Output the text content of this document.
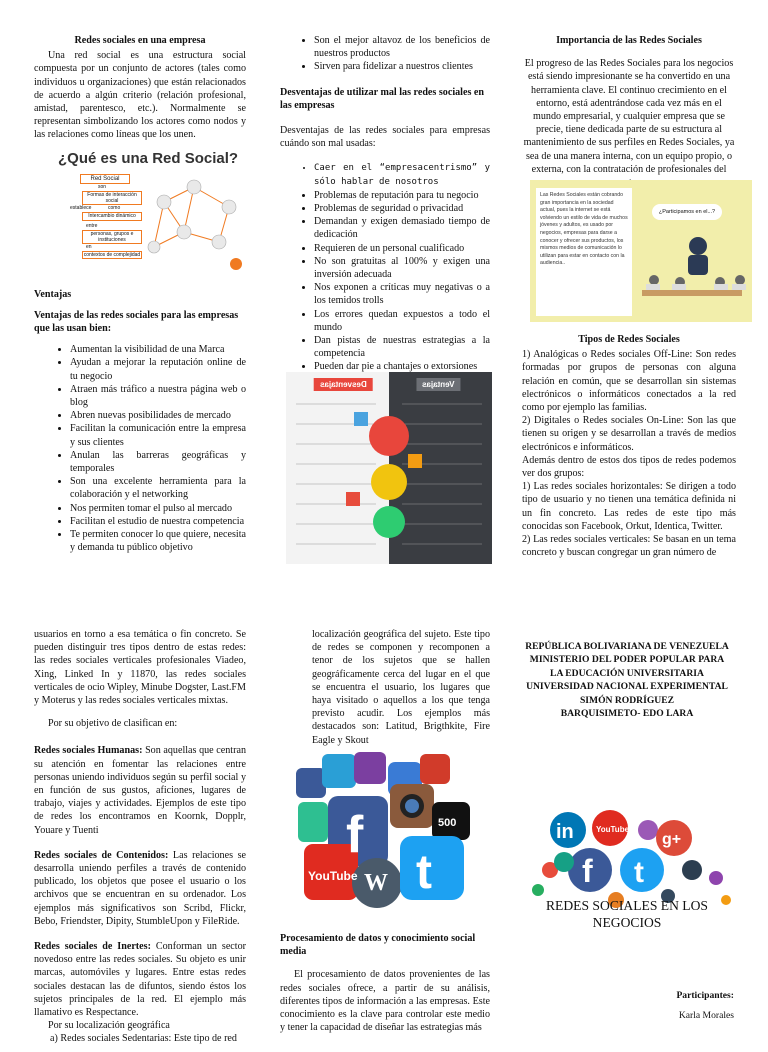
Redes sociales en una empresa

Una red social es una estructura social compuesta por un conjunto de actores (tales como individuos u organizaciones) que están relacionados de acuerdo a algún criterio (relación profesional, amistad, parentesco, etc.). Normalmente se representan simbolizando los actores como nodos y las relaciones como líneas que los unen.

¿Qué es una Red Social?
Red Social
son
Formas de interacción social
establece	como
Intercambio dinámico
entre
personas, grupos e instituciones
en
contextos de complejidad
Ventajas
Ventajas de las redes sociales para las empresas que las usan bien:
• Aumentan la visibilidad de una Marca
• Ayudan a mejorar la reputación online de tu negocio
• Atraen más tráfico a nuestra página web o blog
• Abren nuevas posibilidades de mercado
• Facilitan la comunicación entre la empresa y sus clientes
• Anulan las barreras geográficas y temporales
• Son una excelente herramienta para la colaboración y el networking
• Nos permiten tomar el pulso al mercado
• Facilitan el estudio de nuestra competencia
• Te permiten conocer lo que quiere, necesita y demanda tu público objetivo
• Son el mejor altavoz de los beneficios de nuestros productos
• Sirven para fidelizar a nuestros clientes
Desventajas de utilizar mal las redes sociales en las empresas

Desventajas de las redes sociales para empresas cuándo son mal usadas:

• Caer en el “empresacentrismo” y sólo hablar de nosotros
• Problemas de reputación para tu negocio
• Problemas de seguridad o privacidad
• Demandan y exigen demasiado tiempo de dedicación
• Requieren de un personal cualificado
• No son gratuitas al 100% y exigen una inversión adecuada
• Nos exponen a críticas muy negativas o a los temidos trolls
• Los errores quedan expuestos a todo el mundo
• Dan pistas de nuestras estrategias a la competencia
• Pueden dar pie a chantajes o extorsiones
Desventajas	Ventajas
Importancia de las Redes Sociales

El progreso de las Redes Sociales para los negocios está siendo impresionante se ha convertido en una herramienta clave. El continuo crecimiento en el entorno, está adentrándose cada vez más en el mundo empresarial, y cualquier empresa que se precie, tiene dedicada parte de su estructura al mantenimiento de sus perfiles en Redes Sociales, ya sea de una manera interna, con un equipo propio, o externa, con la contratación de profesionales del

Las Redes Sociales están cobrando gran importancia en la sociedad actual, pues la internet se está volviendo un estilo de vida de muchos jóvenes y adultos, es usado por negocios, empresas para darse a conocer y ofrecer sus productos, los mismos medios de comunicación lo utilizan para estar en contacto con la audiencia..
¿Participamos en el...?
Tipos de Redes Sociales

1) Analógicas o Redes sociales Off-Line: Son redes formadas por grupos de personas con alguna relación en común, que se desarrollan sin sistemas electrónicos o informáticos conectados a la red como por ejemplo las familias.

2) Digitales o Redes sociales On-Line: Son las que tienen su origen y se desarrollan a través de medios electrónicos e informáticos.

Además dentro de estos dos tipos de redes podemos ver dos grupos:

1) Las redes sociales horizontales: Se dirigen a todo tipo de usuario y no tienen una temática definida ni un fin concreto. Las redes de este tipo más conocidas son Facebook, Orkut, Identica, Twitter.

2) Las redes sociales verticales: Se basan en un tema concreto y buscan congregar un gran número de

usuarios en torno a esa temática o fin concreto. Se pueden distinguir tres tipos dentro de estas redes: las redes sociales verticales profesionales Viadeo, Xing, Linked In y 11870, las redes sociales verticales de ocio Wipley, Minube Dogster, Last.FM y Moterus y las redes sociales verticales mixtas.

Por su objetivo de clasifican en:

Redes sociales Humanas: Son aquellas que centran su atención en fomentar las relaciones entre personas uniendo individuos según su perfil social y en función de sus gustos, aficiones, lugares de trabajo, viajes y actividades. Ejemplos de este tipo de redes los encontramos en Koornk, Dopplr, Youare y Tuenti

Redes sociales de Contenidos: Las relaciones se desarrolla uniendo perfiles a través de contenido publicado, los objetos que posee el usuario o los archivos que se encuentran en su ordenador. Los ejemplos más significativos son Scribd, Flickr, Bebo, Friendster, Dipity, StumbleUpon y FileRide.

Redes sociales de Inertes: Conforman un sector novedoso entre las redes sociales. Su objeto es unir marcas, automóviles y lugares. Entre estas redes sociales destacan las de difuntos, siendo éstos los sujetos principales de la red. El ejemplo más llamativo es Respectance.

Por su localización geográfica

a) Redes sociales Sedentarias: Este tipo de red

localización geográfica del sujeto. Este tipo de redes se componen y recomponen a tenor de los sujetos que se hallen geográficamente cerca del lugar en el que se encuentra el usuario, los lugares que haya visitado o aquellos a los que tenga previsto acudir. Los ejemplos más destacados son: Latitud, Brigthkite, Fire Eagle y Skout

YouTube
f
t
W
500
Procesamiento de datos y conocimiento social media

El procesamiento de datos provenientes de las redes sociales ofrece, a partir de su análisis, diferentes tipos de información a las empresas. Este conocimiento es la clave para controlar este medio y tener la capacidad de diseñar las estrategias más

REPÚBLICA BOLIVARIANA DE VENEZUELA
MINISTERIO DEL PODER POPULAR PARA
LA EDUCACIÓN UNIVERSITARIA
UNIVERSIDAD NACIONAL EXPERIMENTAL
SIMÓN RODRÍGUEZ
BARQUISIMETO- EDO LARA
in	YouTube
f
g+
t
REDES SOCIALES EN LOS NEGOCIOS
Participantes:
Karla Morales
